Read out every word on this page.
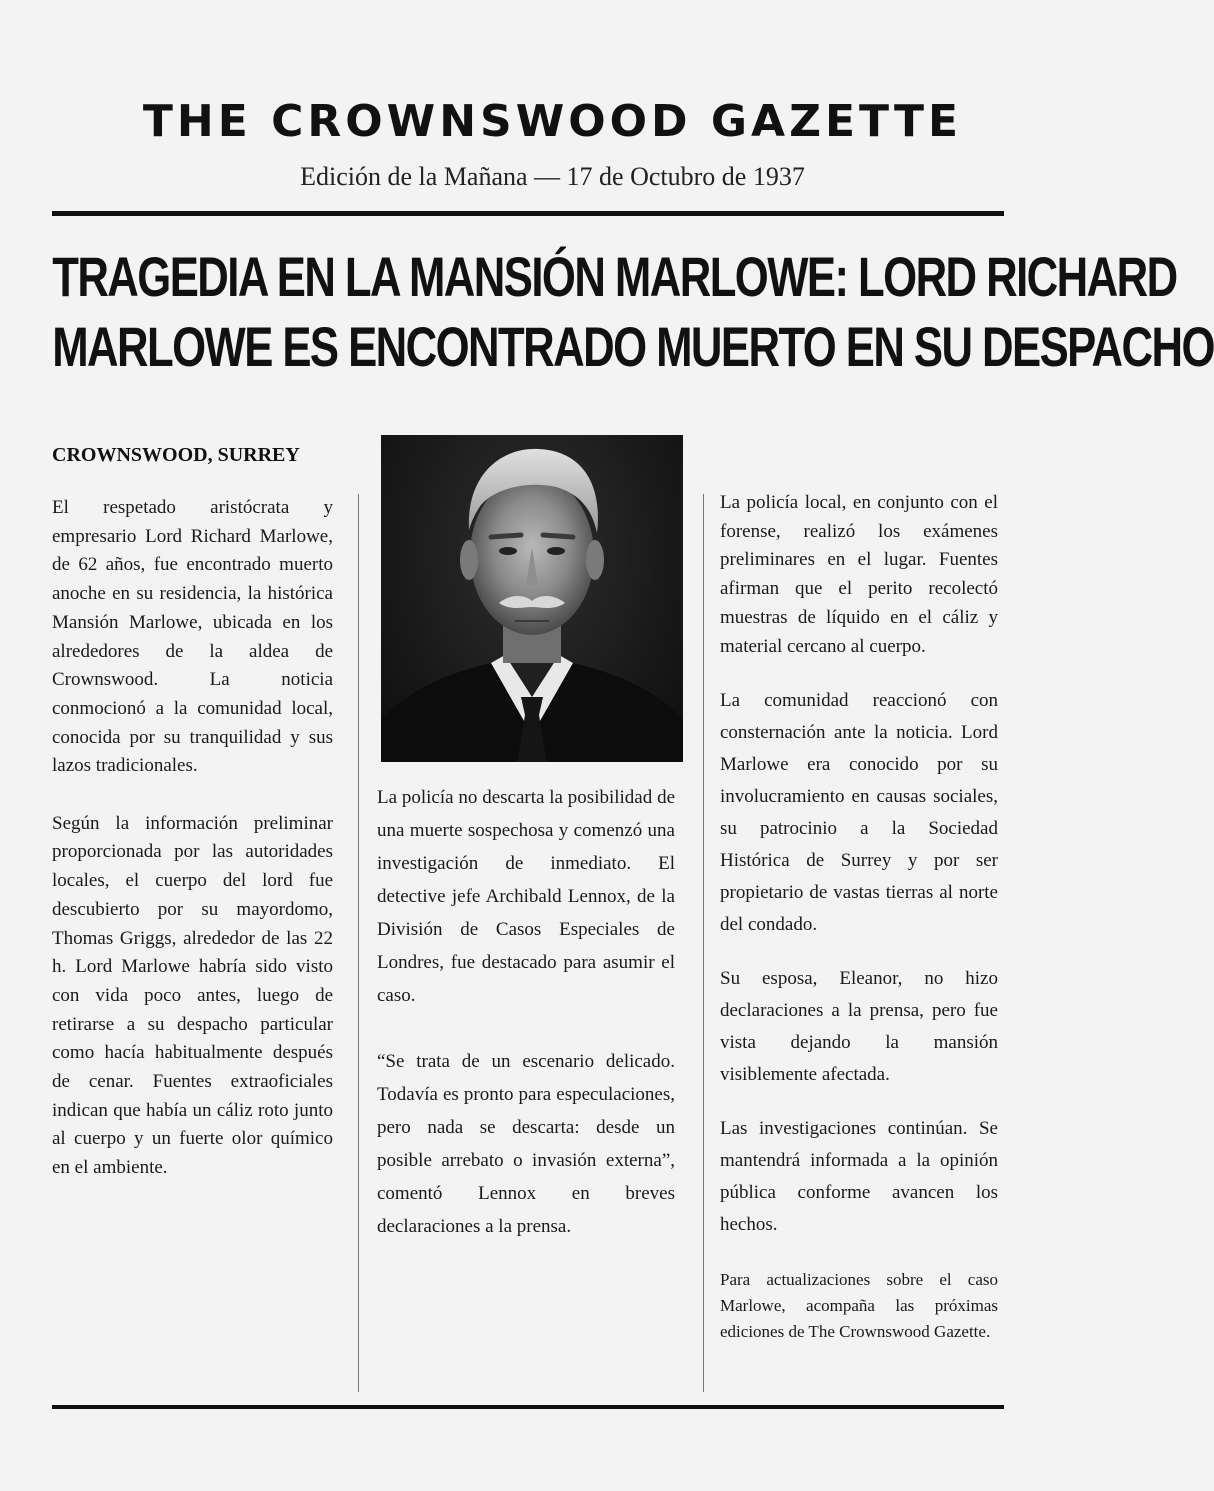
THE CROWNSWOOD GAZETTE
Edición de la Mañana — 17 de Octubro de 1937
TRAGEDIA EN LA MANSIÓN MARLOWE: LORD RICHARD
MARLOWE ES ENCONTRADO MUERTO EN SU DESPACHO
CROWNSWOOD, SURREY

El respetado aristócrata y empresario Lord Richard Marlowe, de 62 años, fue encontrado muerto anoche en su residencia, la histórica Mansión Marlowe, ubicada en los alrededores de la aldea de Crownswood. La noticia conmocionó a la comunidad local, conocida por su tranquilidad y sus lazos tradicionales.

Según la información preliminar proporcionada por las autoridades locales, el cuerpo del lord fue descubierto por su mayordomo, Thomas Griggs, alrededor de las 22 h. Lord Marlowe habría sido visto con vida poco antes, luego de retirarse a su despacho particular como hacía habitualmente después de cenar. Fuentes extraoficiales indican que había un cáliz roto junto al cuerpo y un fuerte olor químico en el ambiente.

La policía no descarta la posibilidad de una muerte sospechosa y comenzó una investigación de inmediato. El detective jefe Archibald Lennox, de la División de Casos Especiales de Londres, fue destacado para asumir el caso.

“Se trata de un escenario delicado. Todavía es pronto para especulaciones, pero nada se descarta: desde un posible arrebato o invasión externa”, comentó Lennox en breves declaraciones a la prensa.

La policía local, en conjunto con el forense, realizó los exámenes preliminares en el lugar. Fuentes afirman que el perito recolectó muestras de líquido en el cáliz y material cercano al cuerpo.

La comunidad reaccionó con consternación ante la noticia. Lord Marlowe era conocido por su involucramiento en causas sociales, su patrocinio a la Sociedad Histórica de Surrey y por ser propietario de vastas tierras al norte del condado.

Su esposa, Eleanor, no hizo declaraciones a la prensa, pero fue vista dejando la mansión visiblemente afectada.

Las investigaciones continúan. Se mantendrá informada a la opinión pública conforme avancen los hechos.

Para actualizaciones sobre el caso Marlowe, acompaña las próximas ediciones de The Crownswood Gazette.
